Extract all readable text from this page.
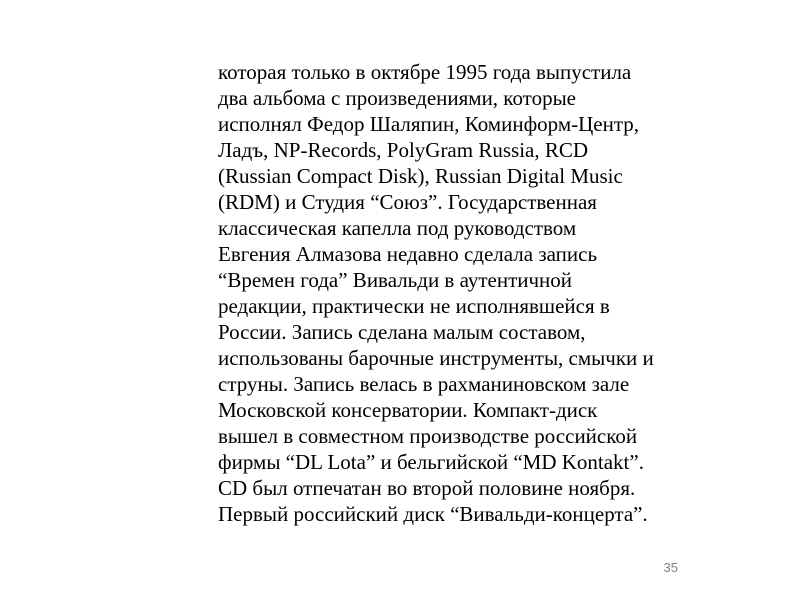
которая только в октябре 1995 года выпустила
два альбома с произведениями, которые
исполнял Федор Шаляпин, Коминформ-Центр,
Ладъ, NP-Records, PolyGram Russia, RCD
(Russian Compact Disk), Russian Digital Music
(RDM) и Студия “Союз”. Государственная
классическая капелла под руководством
Евгения Алмазова недавно сделала запись
“Времен года” Вивальди в аутентичной
редакции, практически не исполнявшейся в
России. Запись сделана малым составом,
использованы барочные инструменты, смычки и
струны. Запись велась в рахманиновском зале
Московской консерватории. Компакт-диск
вышел в совместном производстве российской
фирмы “DL Lota” и бельгийской “MD Kontakt”.
CD был отпечатан во второй половине ноября.
Первый российский диск “Вивальди-концерта”.

35
